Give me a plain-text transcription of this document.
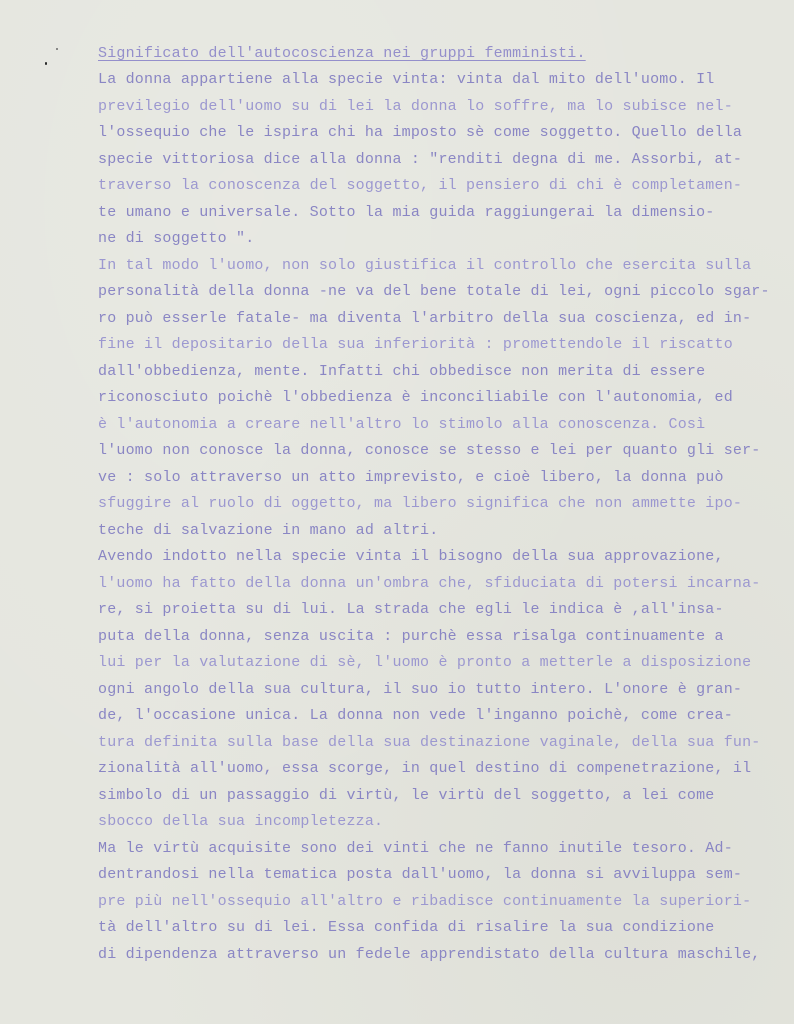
Significato dell'autocoscienza nei gruppi femministi.
La donna appartiene alla specie vinta: vinta dal mito dell'uomo. Il
previlegio dell'uomo su di lei la donna lo soffre, ma lo subisce nel-
l'ossequio che le ispira chi ha imposto sè come soggetto. Quello della
specie vittoriosa dice alla donna : "renditi degna di me. Assorbi, at-
traverso la conoscenza del soggetto, il pensiero di chi è completamen-
te umano e universale. Sotto la mia guida raggiungerai la dimensio-
ne di soggetto ".
In tal modo l'uomo, non solo giustifica il controllo che esercita sulla
personalità della donna -ne va del bene totale di lei, ogni piccolo sgar-
ro può esserle fatale- ma diventa l'arbitro della sua coscienza, ed in-
fine il depositario della sua inferiorità : promettendole il riscatto
dall'obbedienza, mente. Infatti chi obbedisce non merita di essere
riconosciuto poichè l'obbedienza è inconciliabile con l'autonomia, ed
è l'autonomia a creare nell'altro lo stimolo alla conoscenza. Così
l'uomo non conosce la donna, conosce se stesso e lei per quanto gli ser-
ve : solo attraverso un atto imprevisto, e cioè libero, la donna può
sfuggire al ruolo di oggetto, ma libero significa che non ammette ipo-
teche di salvazione in mano ad altri.
Avendo indotto nella specie vinta il bisogno della sua approvazione,
l'uomo ha fatto della donna un'ombra che, sfiduciata di potersi incarna-
re, si proietta su di lui. La strada che egli le indica è ,all'insa-
puta della donna, senza uscita : purchè essa risalga continuamente a
lui per la valutazione di sè, l'uomo è pronto a metterle a disposizione
ogni angolo della sua cultura, il suo io tutto intero. L'onore è gran-
de, l'occasione unica. La donna non vede l'inganno poichè, come crea-
tura definita sulla base della sua destinazione vaginale, della sua fun-
zionalità all'uomo, essa scorge, in quel destino di compenetrazione, il
simbolo di un passaggio di virtù, le virtù del soggetto, a lei come
sbocco della sua incompletezza.
Ma le virtù acquisite sono dei vinti che ne fanno inutile tesoro. Ad-
dentrandosi nella tematica posta dall'uomo, la donna si avviluppa sem-
pre più nell'ossequio all'altro e ribadisce continuamente la superiori-
tà dell'altro su di lei. Essa confida di risalire la sua condizione
di dipendenza attraverso un fedele apprendistato della cultura maschile,
